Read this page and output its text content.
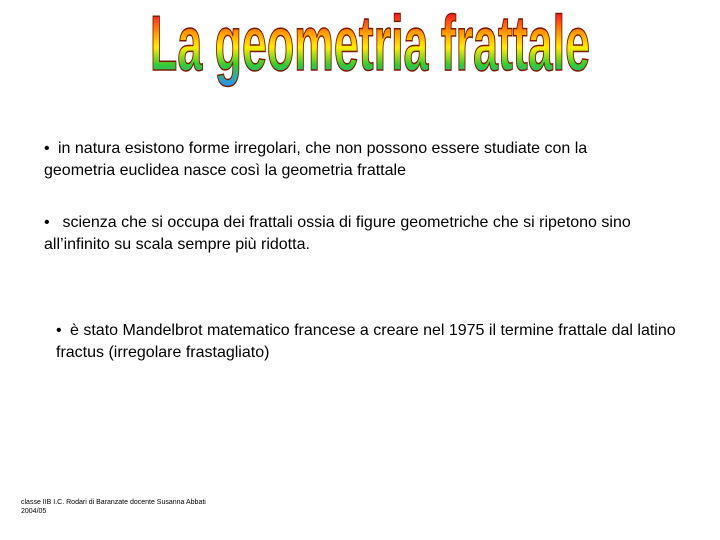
La geometria frattale
• in natura esistono forme irregolari, che non possono essere studiate con la geometria euclidea nasce così la geometria frattale
• scienza che si occupa dei frattali ossia di figure geometriche che si ripetono sino all’infinito su scala sempre più ridotta.
• è stato Mandelbrot matematico francese a creare nel 1975 il termine frattale dal latino fractus (irregolare frastagliato)
classe IIB I.C. Rodari di Baranzate docente Susanna Abbati
2004/05
